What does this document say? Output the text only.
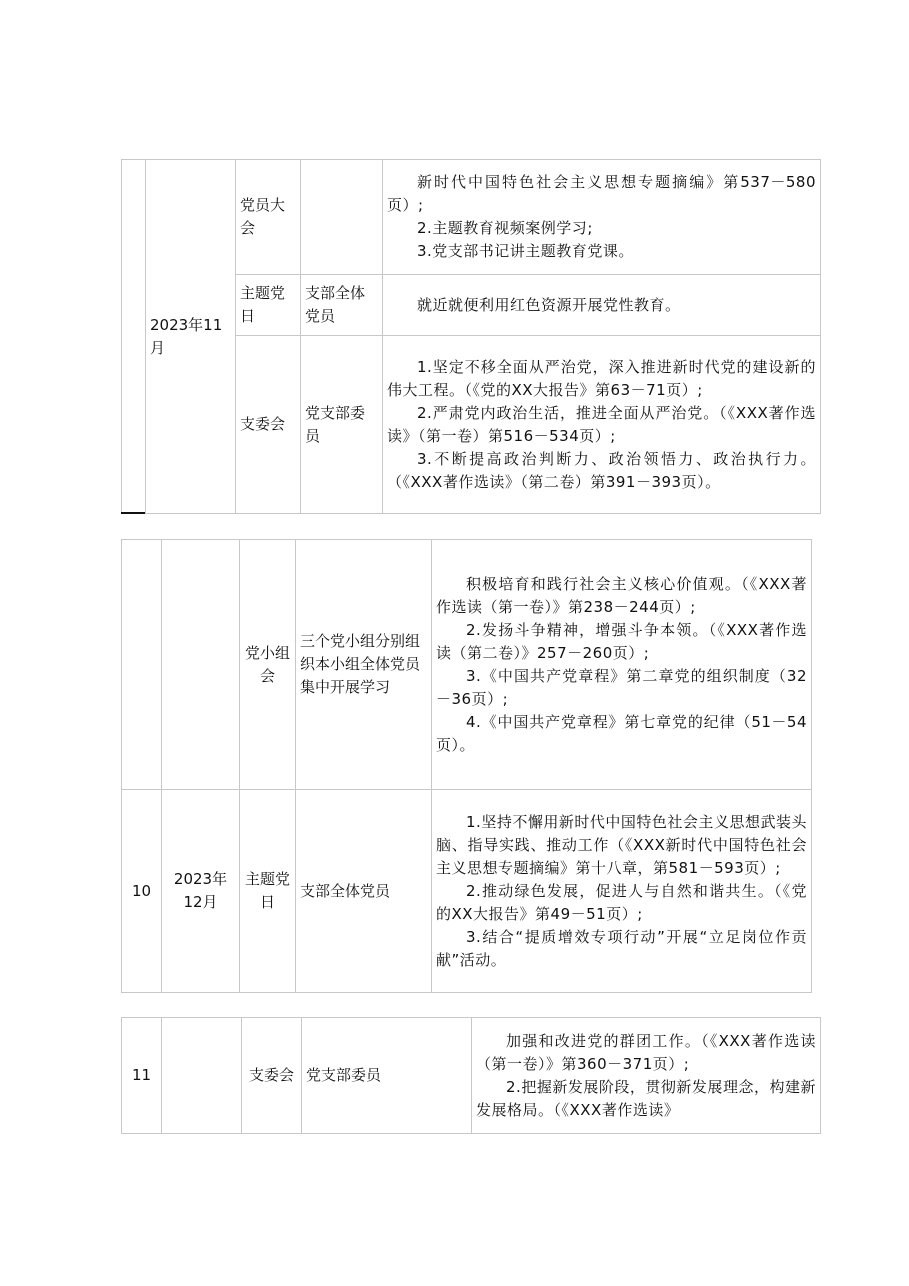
	2023年11月	党员大会		新时代中国特色社会主义思想专题摘编》第537－580页）;

2.主题教育视频案例学习;

3.党支部书记讲主题教育党课。

		主题党日	支部全体党员	就近就便利用红色资源开展党性教育。

		支委会	党支部委员	1.坚定不移全面从严治党，深入推进新时代党的建设新的伟大工程。（《党的XX大报告》第63－71页）;

2.严肃党内政治生活，推进全面从严治党。（《XXX著作选读》（第一卷）第516－534页）;

3.不断提高政治判断力、政治领悟力、政治执行力。（《XXX著作选读》（第二卷）第391－393页）。

		党小组会	三个党小组分别组织本小组全体党员集中开展学习	积极培育和践行社会主义核心价值观。（《XXX著作选读（第一卷）》第238－244页）;

2.发扬斗争精神，增强斗争本领。（《XXX著作选读（第二卷）》257－260页）;

3.《中国共产党章程》第二章党的组织制度（32－36页）;

4.《中国共产党章程》第七章党的纪律（51－54页）。

10	2023年12月	主题党日	支部全体党员	1.坚持不懈用新时代中国特色社会主义思想武装头脑、指导实践、推动工作（《XXX新时代中国特色社会主义思想专题摘编》第十八章，第581－593页）;

2.推动绿色发展，促进人与自然和谐共生。（《党的XX大报告》第49－51页）;

3.结合“提质增效专项行动”开展“立足岗位作贡献”活动。

11		支委会	党支部委员	

加强和改进党的群团工作。（《XXX著作选读（第一卷）》第360－371页）;

2.把握新发展阶段，贯彻新发展理念，构建新发展格局。（《XXX著作选读》
